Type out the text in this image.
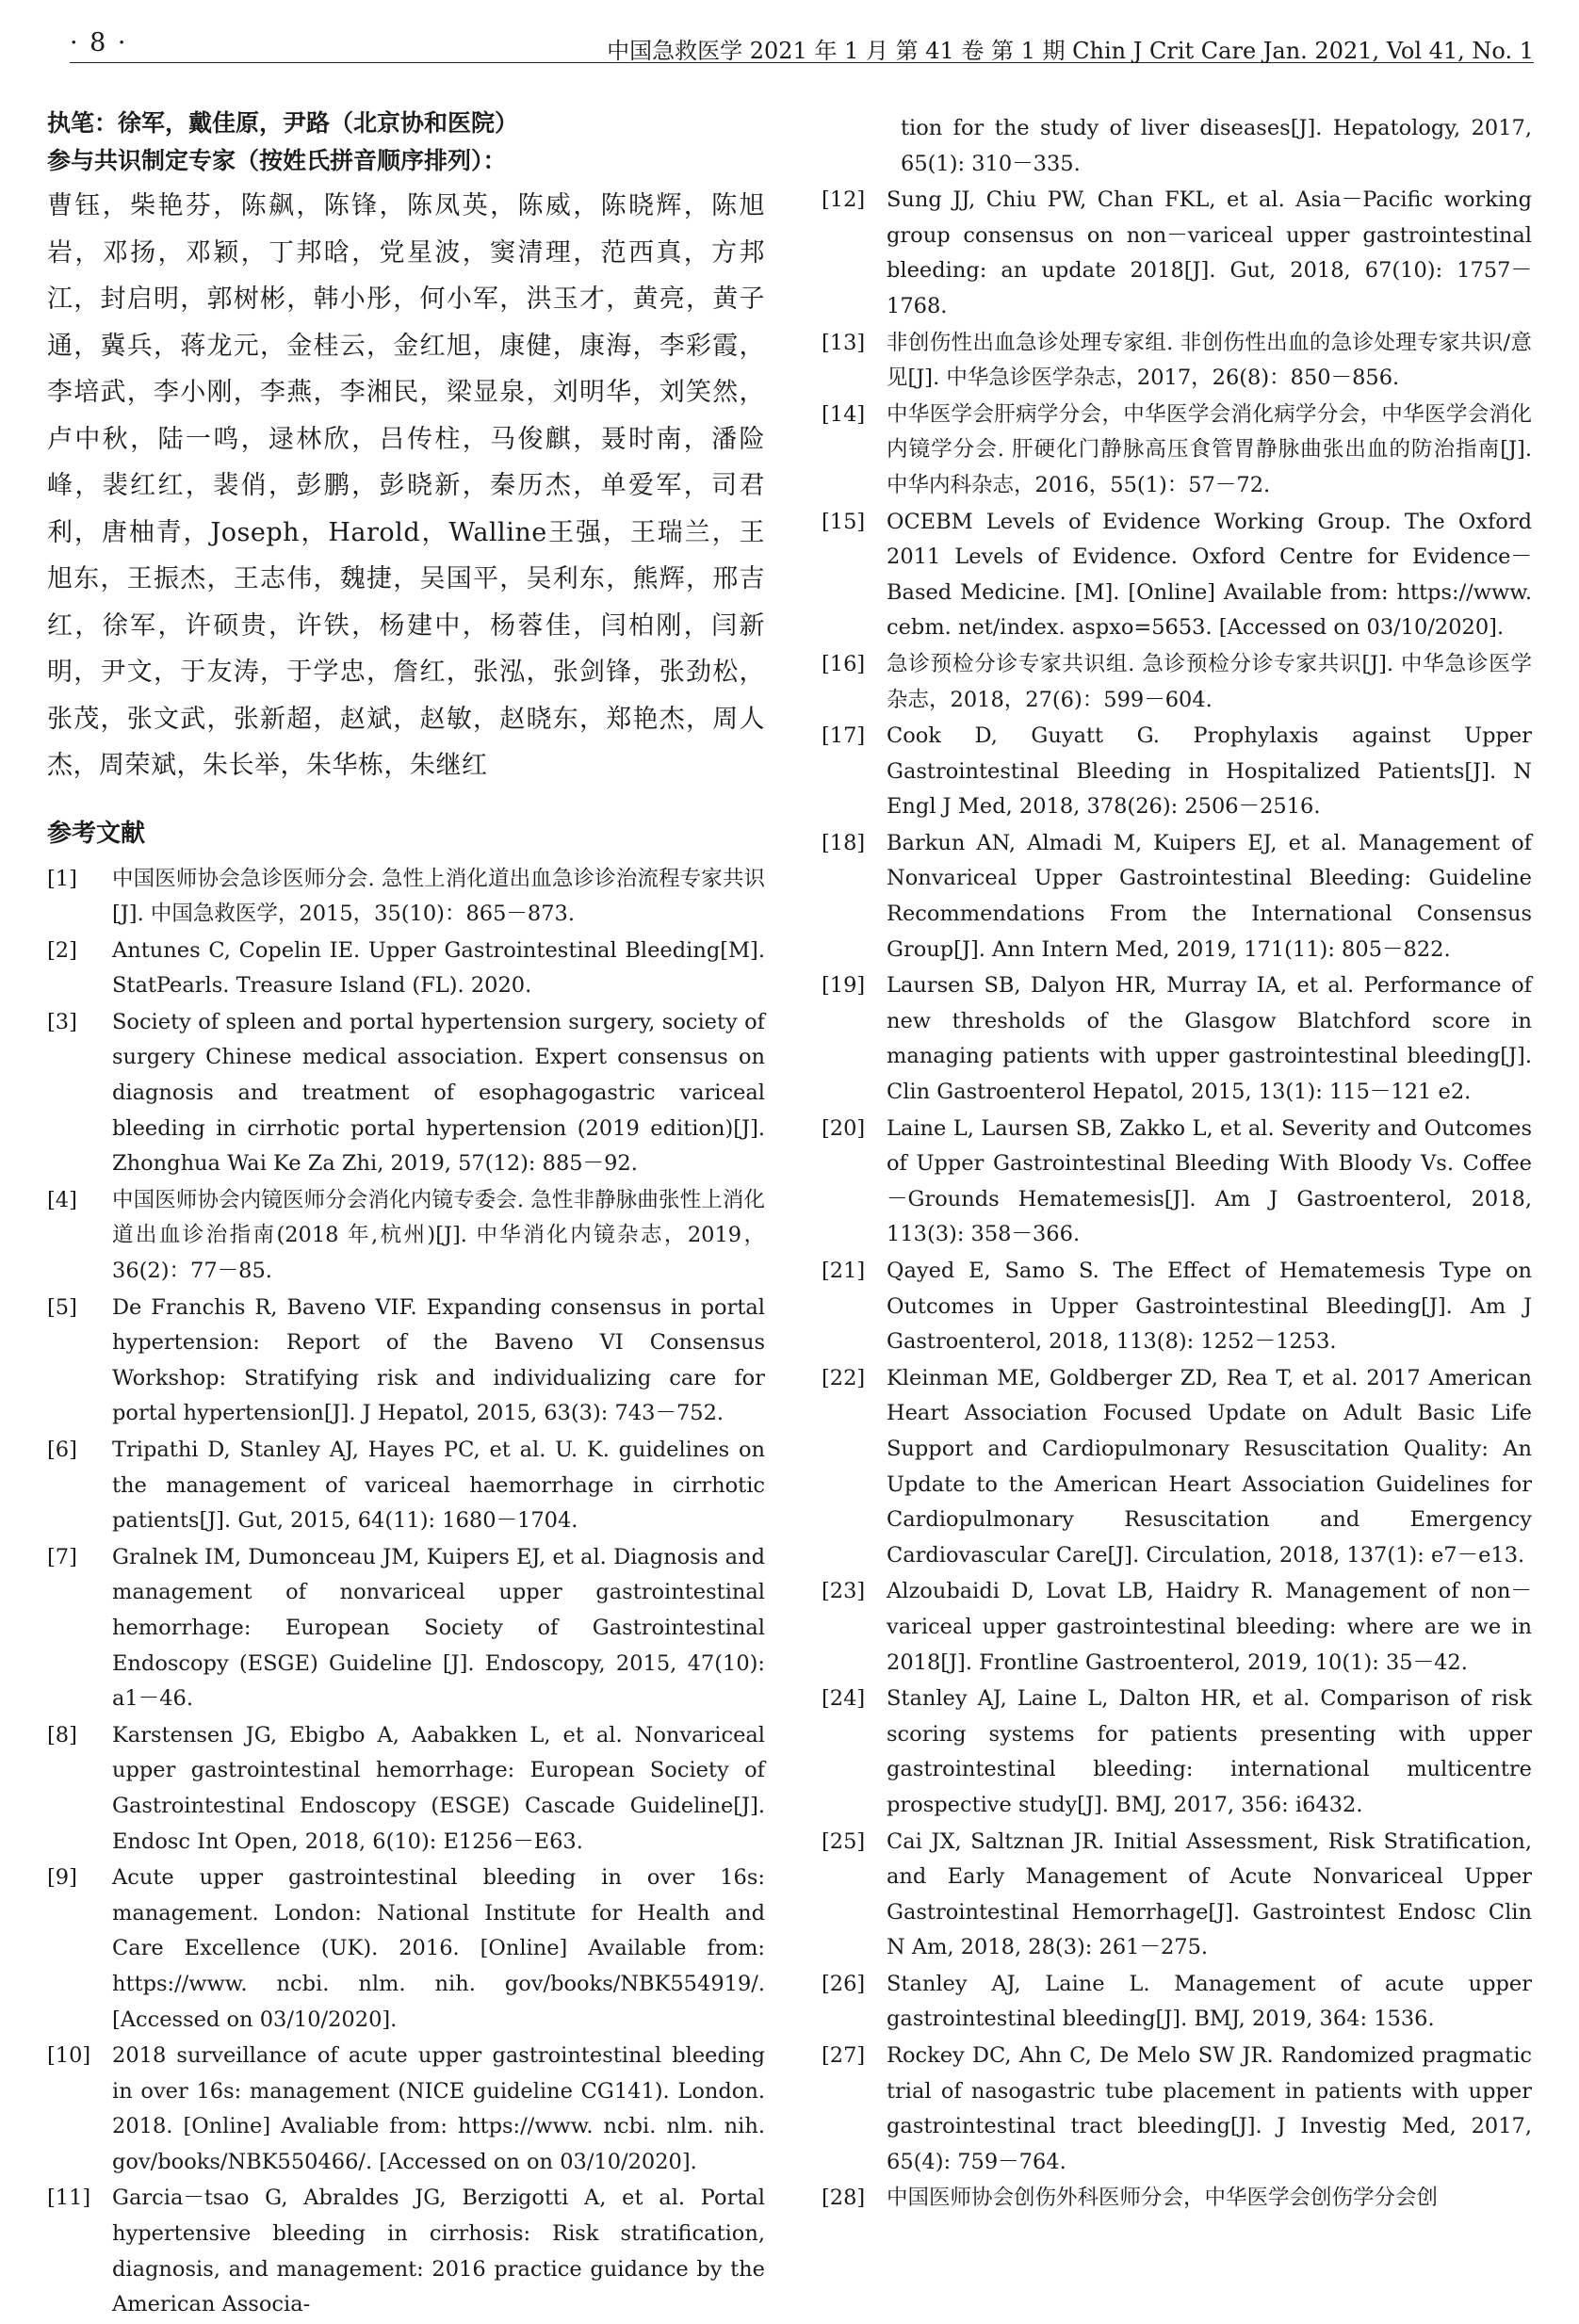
· 8 ·	中国急救医学 2021 年 1 月 第 41 卷 第 1 期 Chin J Crit Care Jan. 2021, Vol 41, No. 1
执笔：徐军，戴佳原，尹路（北京协和医院）
参与共识制定专家（按姓氏拼音顺序排列）：
曹钰，柴艳芬，陈飙，陈锋，陈凤英，陈威，陈晓辉，陈旭岩，邓扬，邓颖，丁邦晗，党星波，窦清理，范西真，方邦江，封启明，郭树彬，韩小彤，何小军，洪玉才，黄亮，黄子通，冀兵，蒋龙元，金桂云，金红旭，康健，康海，李彩霞，李培武，李小刚，李燕，李湘民，梁显泉，刘明华，刘笑然，卢中秋，陆一鸣，逯林欣，吕传柱，马俊麒，聂时南，潘险峰，裴红红，裴俏，彭鹏，彭晓新，秦历杰，单爱军，司君利，唐柚青，Joseph，Harold，Walline王强，王瑞兰，王旭东，王振杰，王志伟，魏捷，吴国平，吴利东，熊辉，邢吉红，徐军，许硕贵，许铁，杨建中，杨蓉佳，闫柏刚，闫新明，尹文，于友涛，于学忠，詹红，张泓，张剑锋，张劲松，张茂，张文武，张新超，赵斌，赵敏，赵晓东，郑艳杰，周人杰，周荣斌，朱长举，朱华栋，朱继红
参考文献
[1] 中国医师协会急诊医师分会. 急性上消化道出血急诊诊治流程专家共识[J]. 中国急救医学，2015，35(10)：865－873.
[2] Antunes C, Copelin IE. Upper Gastrointestinal Bleeding[M]. StatPearls. Treasure Island (FL). 2020.
[3] Society of spleen and portal hypertension surgery, society of surgery Chinese medical association. Expert consensus on diagnosis and treatment of esophagogastric variceal bleeding in cirrhotic portal hypertension (2019 edition)[J]. Zhonghua Wai Ke Za Zhi, 2019, 57(12): 885－92.
[4] 中国医师协会内镜医师分会消化内镜专委会. 急性非静脉曲张性上消化道出血诊治指南(2018 年,杭州)[J]. 中华消化内镜杂志，2019，36(2)：77－85.
[5] De Franchis R, Baveno VIF. Expanding consensus in portal hypertension: Report of the Baveno VI Consensus Workshop: Stratifying risk and individualizing care for portal hypertension[J]. J Hepatol, 2015, 63(3): 743－752.
[6] Tripathi D, Stanley AJ, Hayes PC, et al. U. K. guidelines on the management of variceal haemorrhage in cirrhotic patients[J]. Gut, 2015, 64(11): 1680－1704.
[7] Gralnek IM, Dumonceau JM, Kuipers EJ, et al. Diagnosis and management of nonvariceal upper gastrointestinal hemorrhage: European Society of Gastrointestinal Endoscopy (ESGE) Guideline [J]. Endoscopy, 2015, 47(10): a1－46.
[8] Karstensen JG, Ebigbo A, Aabakken L, et al. Nonvariceal upper gastrointestinal hemorrhage: European Society of Gastrointestinal Endoscopy (ESGE) Cascade Guideline[J]. Endosc Int Open, 2018, 6(10): E1256－E63.
[9] Acute upper gastrointestinal bleeding in over 16s: management. London: National Institute for Health and Care Excellence (UK). 2016. [Online] Available from: https://www. ncbi. nlm. nih. gov/books/NBK554919/. [Accessed on 03/10/2020].
[10] 2018 surveillance of acute upper gastrointestinal bleeding in over 16s: management (NICE guideline CG141). London. 2018. [Online] Avaliable from: https://www. ncbi. nlm. nih. gov/books/NBK550466/. [Accessed on on 03/10/2020].
[11] Garcia－tsao G, Abraldes JG, Berzigotti A, et al. Portal hypertensive bleeding in cirrhosis: Risk stratification, diagnosis, and management: 2016 practice guidance by the American Associa-
tion for the study of liver diseases[J]. Hepatology, 2017, 65(1): 310－335.
[12] Sung JJ, Chiu PW, Chan FKL, et al. Asia－Pacific working group consensus on non－variceal upper gastrointestinal bleeding: an update 2018[J]. Gut, 2018, 67(10): 1757－1768.
[13] 非创伤性出血急诊处理专家组. 非创伤性出血的急诊处理专家共识/意见[J]. 中华急诊医学杂志，2017，26(8)：850－856.
[14] 中华医学会肝病学分会，中华医学会消化病学分会，中华医学会消化内镜学分会. 肝硬化门静脉高压食管胃静脉曲张出血的防治指南[J]. 中华内科杂志，2016，55(1)：57－72.
[15] OCEBM Levels of Evidence Working Group. The Oxford 2011 Levels of Evidence. Oxford Centre for Evidence－Based Medicine. [M]. [Online] Available from: https://www. cebm. net/index. aspxo=5653. [Accessed on 03/10/2020].
[16] 急诊预检分诊专家共识组. 急诊预检分诊专家共识[J]. 中华急诊医学杂志，2018，27(6)：599－604.
[17] Cook D, Guyatt G. Prophylaxis against Upper Gastrointestinal Bleeding in Hospitalized Patients[J]. N Engl J Med, 2018, 378(26): 2506－2516.
[18] Barkun AN, Almadi M, Kuipers EJ, et al. Management of Nonvariceal Upper Gastrointestinal Bleeding: Guideline Recommendations From the International Consensus Group[J]. Ann Intern Med, 2019, 171(11): 805－822.
[19] Laursen SB, Dalyon HR, Murray IA, et al. Performance of new thresholds of the Glasgow Blatchford score in managing patients with upper gastrointestinal bleeding[J]. Clin Gastroenterol Hepatol, 2015, 13(1): 115－121 e2.
[20] Laine L, Laursen SB, Zakko L, et al. Severity and Outcomes of Upper Gastrointestinal Bleeding With Bloody Vs. Coffee－Grounds Hematemesis[J]. Am J Gastroenterol, 2018, 113(3): 358－366.
[21] Qayed E, Samo S. The Effect of Hematemesis Type on Outcomes in Upper Gastrointestinal Bleeding[J]. Am J Gastroenterol, 2018, 113(8): 1252－1253.
[22] Kleinman ME, Goldberger ZD, Rea T, et al. 2017 American Heart Association Focused Update on Adult Basic Life Support and Cardiopulmonary Resuscitation Quality: An Update to the American Heart Association Guidelines for Cardiopulmonary Resuscitation and Emergency Cardiovascular Care[J]. Circulation, 2018, 137(1): e7－e13.
[23] Alzoubaidi D, Lovat LB, Haidry R. Management of non－variceal upper gastrointestinal bleeding: where are we in 2018[J]. Frontline Gastroenterol, 2019, 10(1): 35－42.
[24] Stanley AJ, Laine L, Dalton HR, et al. Comparison of risk scoring systems for patients presenting with upper gastrointestinal bleeding: international multicentre prospective study[J]. BMJ, 2017, 356: i6432.
[25] Cai JX, Saltznan JR. Initial Assessment, Risk Stratification, and Early Management of Acute Nonvariceal Upper Gastrointestinal Hemorrhage[J]. Gastrointest Endosc Clin N Am, 2018, 28(3): 261－275.
[26] Stanley AJ, Laine L. Management of acute upper gastrointestinal bleeding[J]. BMJ, 2019, 364: 1536.
[27] Rockey DC, Ahn C, De Melo SW JR. Randomized pragmatic trial of nasogastric tube placement in patients with upper gastrointestinal tract bleeding[J]. J Investig Med, 2017, 65(4): 759－764.
[28] 中国医师协会创伤外科医师分会，中华医学会创伤学分会创
